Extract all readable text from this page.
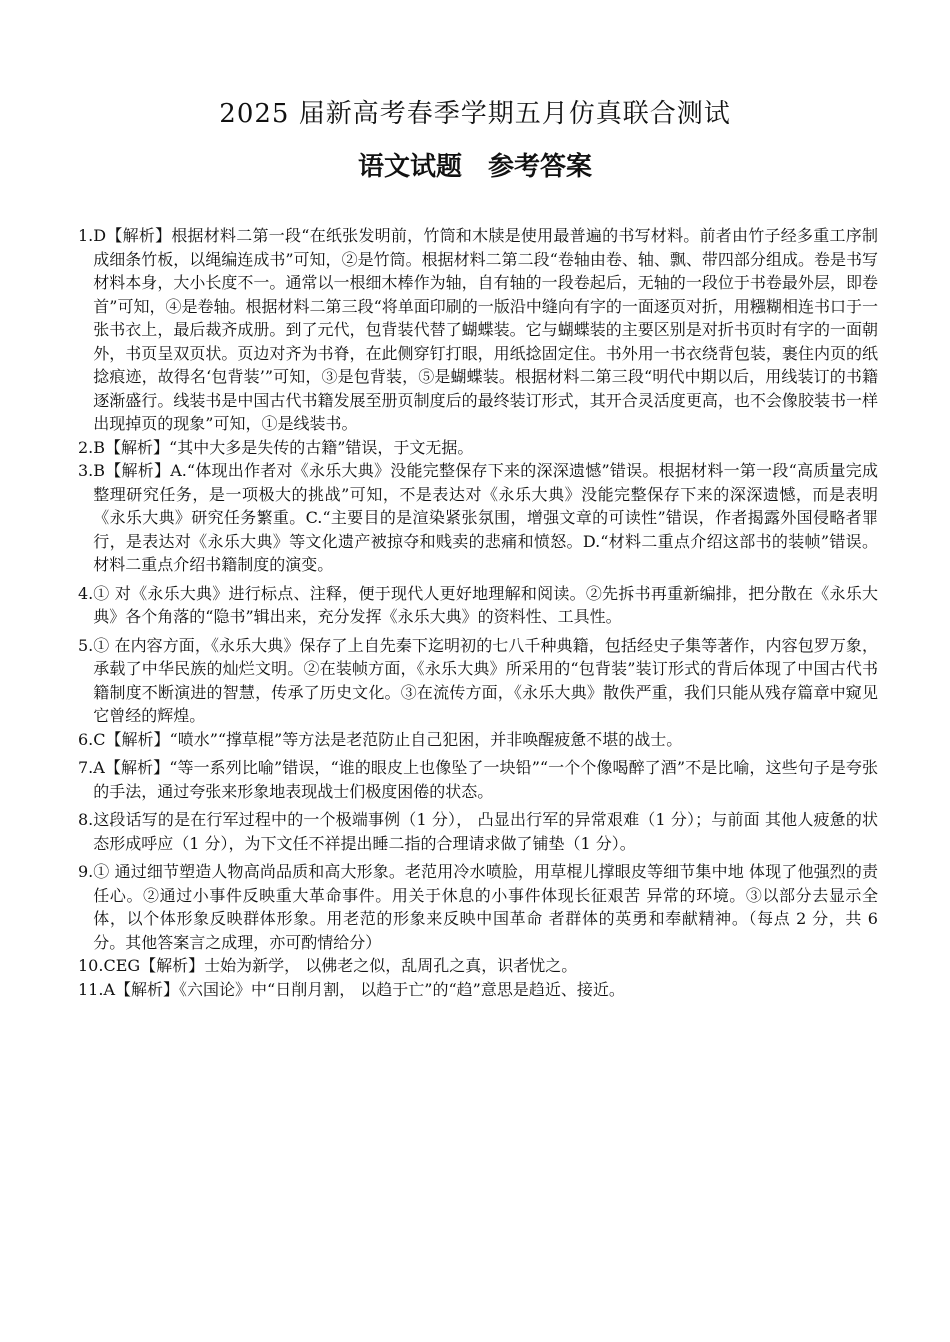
2025 届新高考春季学期五月仿真联合测试
语文试题　参考答案
1. D【解析】根据材料二第一段“在纸张发明前，竹筒和木牍是使用最普遍的书写材料。前者由竹子经多重工序制成细条竹板，以绳编连成书”可知，②是竹筒。根据材料二第二段“卷轴由卷、轴、飘、带四部分组成。卷是书写材料本身，大小长度不一。通常以一根细木棒作为轴，自有轴的一段卷起后，无轴的一段位于书卷最外层，即卷首”可知，④是卷轴。根据材料二第三段“将单面印刷的一版沿中缝向有字的一面逐页对折，用糨糊相连书口于一张书衣上，最后裁齐成册。到了元代，包背装代替了蝴蝶装。它与蝴蝶装的主要区别是对折书页时有字的一面朝外，书页呈双页状。页边对齐为书脊，在此侧穿钉打眼，用纸捻固定住。书外用一书衣绕背包装，裹住内页的纸捻痕迹，故得名‘包背装’”可知，③是包背装，⑤是蝴蝶装。根据材料二第三段“明代中期以后，用线装订的书籍逐渐盛行。线装书是中国古代书籍发展至册页制度后的最终装订形式，其开合灵活度更高，也不会像胶装书一样出现掉页的现象”可知，①是线装书。
2. B【解析】“其中大多是失传的古籍”错误，于文无据。
3. B【解析】A.“体现出作者对《永乐大典》没能完整保存下来的深深遗憾”错误。根据材料一第一段“高质量完成整理研究任务，是一项极大的挑战”可知，不是表达对《永乐大典》没能完整保存下来的深深遗憾，而是表明《永乐大典》研究任务繁重。C.“主要目的是渲染紧张氛围，增强文章的可读性”错误，作者揭露外国侵略者罪行，是表达对《永乐大典》等文化遗产被掠夺和贱卖的悲痛和愤怒。D.“材料二重点介绍这部书的装帧”错误。材料二重点介绍书籍制度的演变。
4. ① 对《永乐大典》进行标点、注释，便于现代人更好地理解和阅读。②先拆书再重新编排，把分散在《永乐大典》各个角落的“隐书”辑出来，充分发挥《永乐大典》的资料性、工具性。
5. ① 在内容方面，《永乐大典》保存了上自先秦下迄明初的七八千种典籍，包括经史子集等著作，内容包罗万象，承载了中华民族的灿烂文明。②在装帧方面，《永乐大典》所采用的“包背装”装订形式的背后体现了中国古代书籍制度不断演进的智慧，传承了历史文化。③在流传方面，《永乐大典》散佚严重，我们只能从残存篇章中窥见它曾经的辉煌。
6. C【解析】“喷水”“撑草棍”等方法是老范防止自己犯困，并非唤醒疲惫不堪的战士。
7. A【解析】“等一系列比喻”错误，“谁的眼皮上也像坠了一块铅”“一个个像喝醉了酒”不是比喻，这些句子是夸张的手法，通过夸张来形象地表现战士们极度困倦的状态。
8. 这段话写的是在行军过程中的一个极端事例（1 分）， 凸显出行军的异常艰难（1 分）；与前面 其他人疲惫的状态形成呼应（1 分），为下文任不祥提出睡二指的合理请求做了铺垫（1 分）。
9. ① 通过细节塑造人物高尚品质和高大形象。老范用冷水喷脸，用草棍儿撑眼皮等细节集中地 体现了他强烈的责任心。②通过小事件反映重大革命事件。用关于休息的小事件体现长征艰苦 异常的环境。③以部分去显示全体，以个体形象反映群体形象。用老范的形象来反映中国革命 者群体的英勇和奉献精神。（每点 2 分，共 6 分。其他答案言之成理，亦可酌情给分）
10. CEG【解析】士始为新学， 以佛老之似，乱周孔之真，识者忧之。
11. A【解析】《六国论》中“日削月割， 以趋于亡”的“趋”意思是趋近、接近。
